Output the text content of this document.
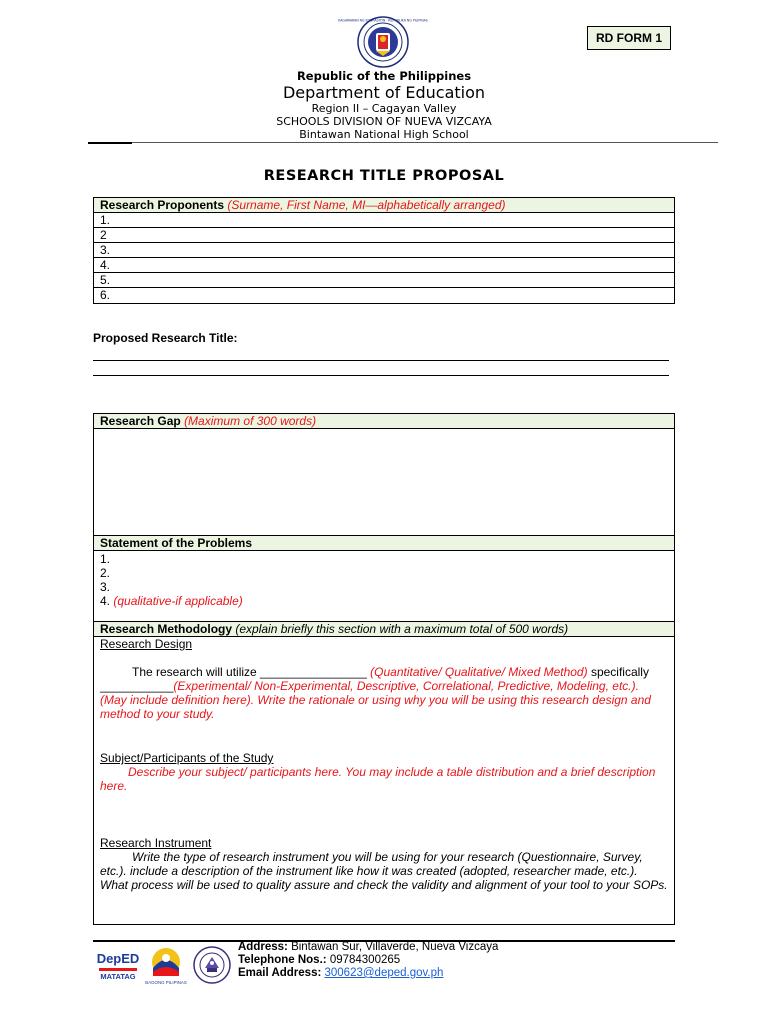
KAGAWARAN NG EDUKASYON · REPUBLIKA NG PILIPINAS
RD FORM 1
Republic of the Philippines
Department of Education
Region II – Cagayan Valley
SCHOOLS DIVISION OF NUEVA VIZCAYA
Bintawan National High School
RESEARCH TITLE PROPOSAL
Research Proponents (Surname, First Name, MI—alphabetically arranged)
1.
2
3.
4.
5.
6.
Proposed Research Title:
Research Gap (Maximum of 300 words)
Statement of the Problems
1.
2.
3.
4. (qualitative-if applicable)
Research Methodology (explain briefly this section with a maximum total of 500 words)
Research Design
The research will utilize ________________ (Quantitative/ Qualitative/ Mixed Method) specifically ___________(Experimental/ Non-Experimental, Descriptive, Correlational, Predictive, Modeling, etc.). (May include definition here). Write the rationale or using why you will be using this research design and method to your study.
Subject/Participants of the Study
Describe your subject/ participants here. You may include a table distribution and a brief description here.
Research Instrument
Write the type of research instrument you will be using for your research (Questionnaire, Survey, etc.). include a description of the instrument like how it was created (adopted, researcher made, etc.). What process will be used to quality assure and check the validity and alignment of your tool to your SOPs.
DepED
MATATAG
BAGONG PILIPINAS
Address: Bintawan Sur, Villaverde, Nueva Vizcaya
Telephone Nos.: 09784300265
Email Address: 300623@deped.gov.ph
